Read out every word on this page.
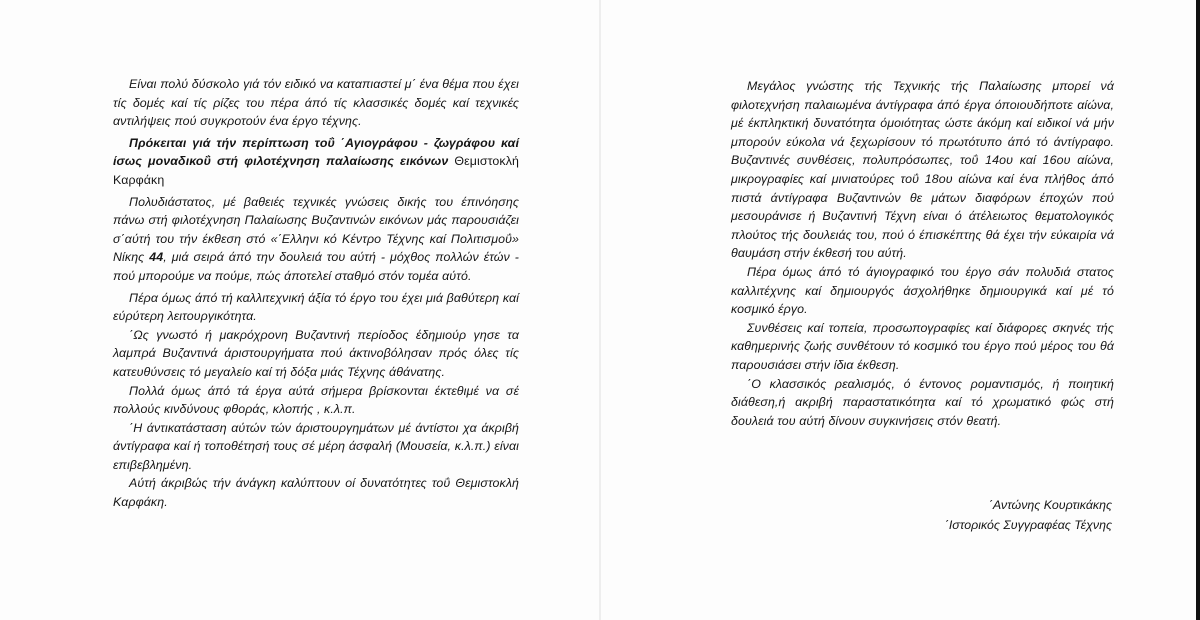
Είναι πολύ δύσκολο γιά τόν ειδικό να καταπιαστεί μ΄ ένα θέμα που έχει τίς δομές καί τίς ρίζες του πέρα άπό τίς κλασσικές δομές καί τεχνικές αντιλήψεις πού συγκροτούν ένα έργο τέχνης.

Πρόκειται γιά τήν περίπτωση τοΰ ΄Αγιογράφου - ζωγράφου καί ίσως μοναδικοΰ στή φιλοτέχνηση παλαίωσης εικόνων Θεμιστοκλή Καρφάκη

Πολυδιάστατος, μέ βαθειές τεχνικές γνώσεις δικής του έπινόησης πάνω στή φιλοτέχνηση Παλαίωσης Βυζαντινών εικόνων μάς παρουσιάζει σ΄αύτή του τήν έκθεση στό «΄Ελληνι κό Κέντρο Τέχνης καί Πολιτισμοΰ» Νίκης 44, μιά σειρά άπό την δουλειά του αύτή - μόχθος πολλών έτών - πού μπορούμε να πούμε, πώς άποτελεί σταθμό στόν τομέα αύτό.

Πέρα όμως άπό τή καλλιτεχνική άξία τό έργο του έχει μιά βαθύτερη καί εύρύτερη λειτουργικότητα.

΄Ως γνωστό ή μακρόχρονη Βυζαντινή περίοδος έδημιούρ γησε τα λαμπρά Βυζαντινά άριστουργήματα πού άκτινοβόλησαν πρός όλες τίς κατευθύνσεις τό μεγαλείο καί τή δόξα μιάς Τέχνης άθάνατης.

Πολλά όμως άπό τά έργα αύτά σήμερα βρίσκονται έκτεθιμέ να σέ πολλούς κινδύνους φθοράς, κλοπής , κ.λ.π.

΄Η άντικατάσταση αύτών τών άριστουργημάτων μέ άντίστοι χα άκριβή άντίγραφα καί ή τοποθέτησή τους σέ μέρη άσφαλή (Μουσεία, κ.λ.π.) είναι επιβεβλημένη.

Αύτή άκριβώς τήν άνάγκη καλύπτουν οί δυνατότητες τοΰ Θεμιστοκλή Καρφάκη.

Μεγάλος γνώστης τής Τεχνικής τής Παλαίωσης μπορεί νά φιλοτεχνήση παλαιωμένα άντίγραφα άπό έργα όποιουδήποτε αίώνα, μέ έκπληκτική δυνατότητα όμοιότητας ώστε άκόμη καί ειδικοί νά μήν μπορούν εύκολα νά ξεχωρίσουν τό πρωτότυπο άπό τό άντίγραφο. Βυζαντινές συνθέσεις, πολυπρόσωπες, τοΰ 14ου καί 16ου αίώνα, μικρογραφίες καί μινιατούρες τοΰ 18ου αίώνα καί ένα πλήθος άπό πιστά άντίγραφα Βυζαντινών θε μάτων διαφόρων έποχών πού μεσουράνισε ή Βυζαντινή Τέχνη είναι ό άτέλειωτος θεματολογικός πλούτος τής δουλειάς του, πού ό έπισκέπτης θά έχει τήν εύκαιρία νά θαυμάση στήν έκθεσή του αύτή.

Πέρα όμως άπό τό άγιογραφικό του έργο σάν πολυδιά στατος καλλιτέχνης καί δημιουργός άσχολήθηκε δημιουργικά καί μέ τό κοσμικό έργο.

Συνθέσεις καί τοπεία, προσωπογραφίες καί διάφορες σκηνές τής καθημερινής ζωής συνθέτουν τό κοσμικό του έργο πού μέρος του θά παρουσιάσει στήν ίδια έκθεση.

΄Ο κλασσικός ρεαλισμός, ό έντονος ρομαντισμός, ή ποιητική διάθεση,ή ακριβή παραστατικότητα καί τό χρωματικό φώς στή δουλειά του αύτή δίνουν συγκινήσεις στόν θεατή.

΄Αντώνης Κουρτικάκης
΄Ιστορικός Συγγραφέας Τέχνης
